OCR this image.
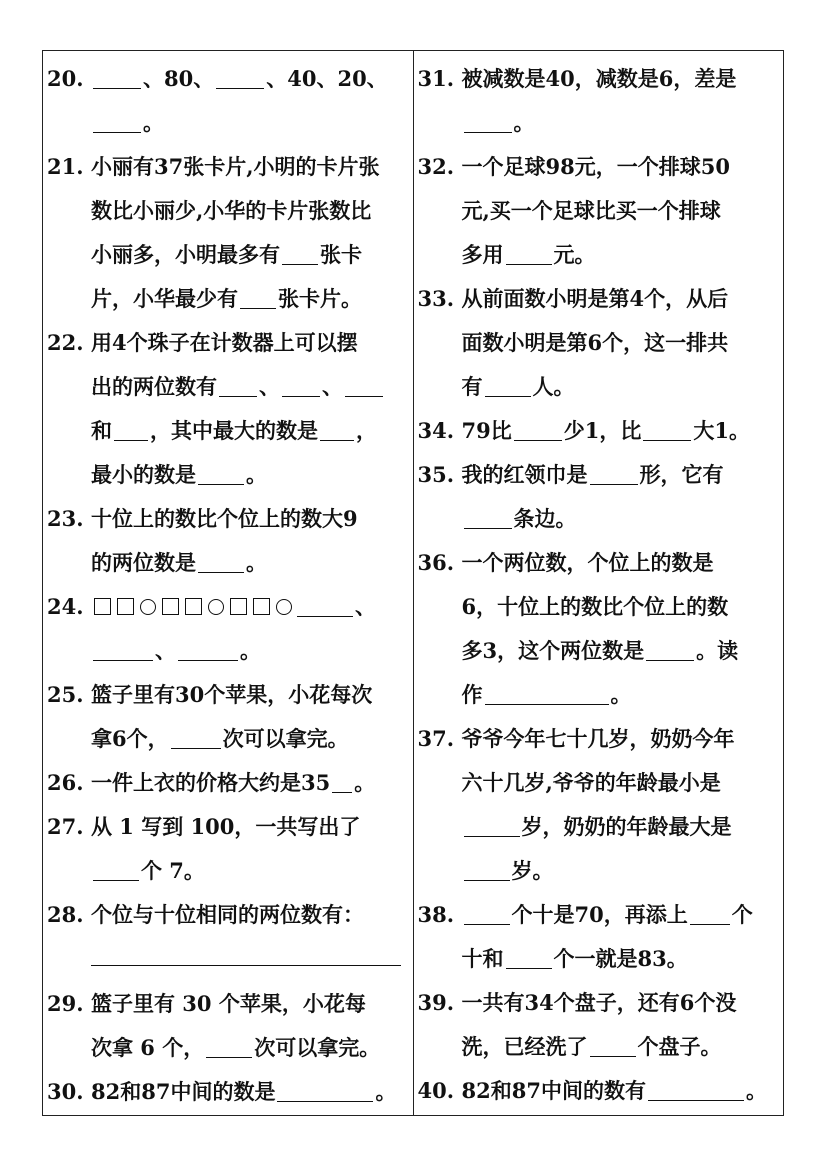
20.	、80、 、40、20、
。
21. 小丽有37张卡片,小明的卡片张
数比小丽少,小华的卡片张数比
小丽多，小明最多有 张卡
片，小华最少有 张卡片。
22. 用4个珠子在计数器上可以摆
出的两位数有 、 、
和 ，其中最大的数是 ，
最小的数是 。
23. 十位上的数比个位上的数大9
的两位数是 。
24.	、
、	。
25. 篮子里有30个苹果，小花每次
拿6个，	次可以拿完。
26. 一件上衣的价格大约是35 。
27. 从 1 写到 100，一共写出了
个 7。
28. 个位与十位相同的两位数有：
29. 篮子里有 30 个苹果，小花每
次拿 6 个， 次可以拿完。
30. 82和87中间的数是	。
31. 被减数是40，减数是6，差是
。
32. 一个足球98元，一个排球50
元,买一个足球比买一个排球
多用 元。
33. 从前面数小明是第4个，从后
面数小明是第6个，这一排共
有 人。
34. 79比 少1，比 大1。
35. 我的红领巾是 形，它有
条边。
36. 一个两位数，个位上的数是
6，十位上的数比个位上的数
多3，这个两位数是 。读
作	。
37. 爷爷今年七十几岁，奶奶今年
六十几岁,爷爷的年龄最小是
岁，奶奶的年龄最大是
岁。
38.	个十是70，再添上 个
十和 个一就是83。
39. 一共有34个盘子，还有6个没
洗，已经洗了 个盘子。
40. 82和87中间的数有	。
